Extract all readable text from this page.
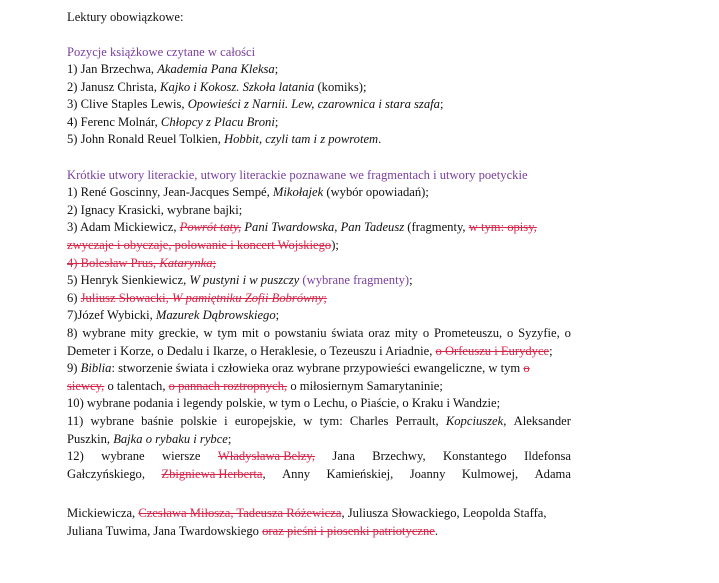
Lektury obowiązkowe:
Pozycje książkowe czytane w całości
1) Jan Brzechwa, Akademia Pana Kleksa;
2) Janusz Christa, Kajko i Kokosz. Szkoła latania (komiks);
3) Clive Staples Lewis, Opowieści z Narnii. Lew, czarownica i stara szafa;
4) Ferenc Molnár, Chłopcy z Placu Broni;
5) John Ronald Reuel Tolkien, Hobbit, czyli tam i z powrotem.
Krótkie utwory literackie, utwory literackie poznawane we fragmentach i utwory poetyckie
1) René Goscinny, Jean-Jacques Sempé, Mikołajek (wybór opowiadań);
2) Ignacy Krasicki, wybrane bajki;
3) Adam Mickiewicz, Powrót taty, Pani Twardowska, Pan Tadeusz (fragmenty, w tym: opisy,
zwyczaje i obyczaje, polowanie i koncert Wojskiego);
4) Bolesław Prus, Katarynka;
5) Henryk Sienkiewicz, W pustyni i w puszczy (wybrane fragmenty);
6) Juliusz Słowacki, W pamiętniku Zofii Bobrówny;
7)Józef Wybicki, Mazurek Dąbrowskiego;
8) wybrane mity greckie, w tym mit o powstaniu świata oraz mity o Prometeuszu, o Syzyfie, o
Demeter i Korze, o Dedalu i Ikarze, o Heraklesie, o Tezeuszu i Ariadnie, o Orfeuszu i Eurydyce;
9) Biblia: stworzenie świata i człowieka oraz wybrane przypowieści ewangeliczne, w tym o
siewcy, o talentach, o pannach roztropnych, o miłosiernym Samarytaninie;
10) wybrane podania i legendy polskie, w tym o Lechu, o Piaście, o Kraku i Wandzie;
11) wybrane baśnie polskie i europejskie, w tym: Charles Perrault, Kopciuszek, Aleksander
Puszkin, Bajka o rybaku i rybce;
12) wybrane wiersze Władysława Bełzy, Jana Brzechwy, Konstantego Ildefonsa
Gałczyńskiego, Zbigniewa Herberta, Anny Kamieńskiej, Joanny Kulmowej, Adama
Mickiewicza, Czesława Miłosza, Tadeusza Różewicza, Juliusza Słowackiego, Leopolda Staffa,
Juliana Tuwima, Jana Twardowskiego oraz pieśni i piosenki patriotyczne.
